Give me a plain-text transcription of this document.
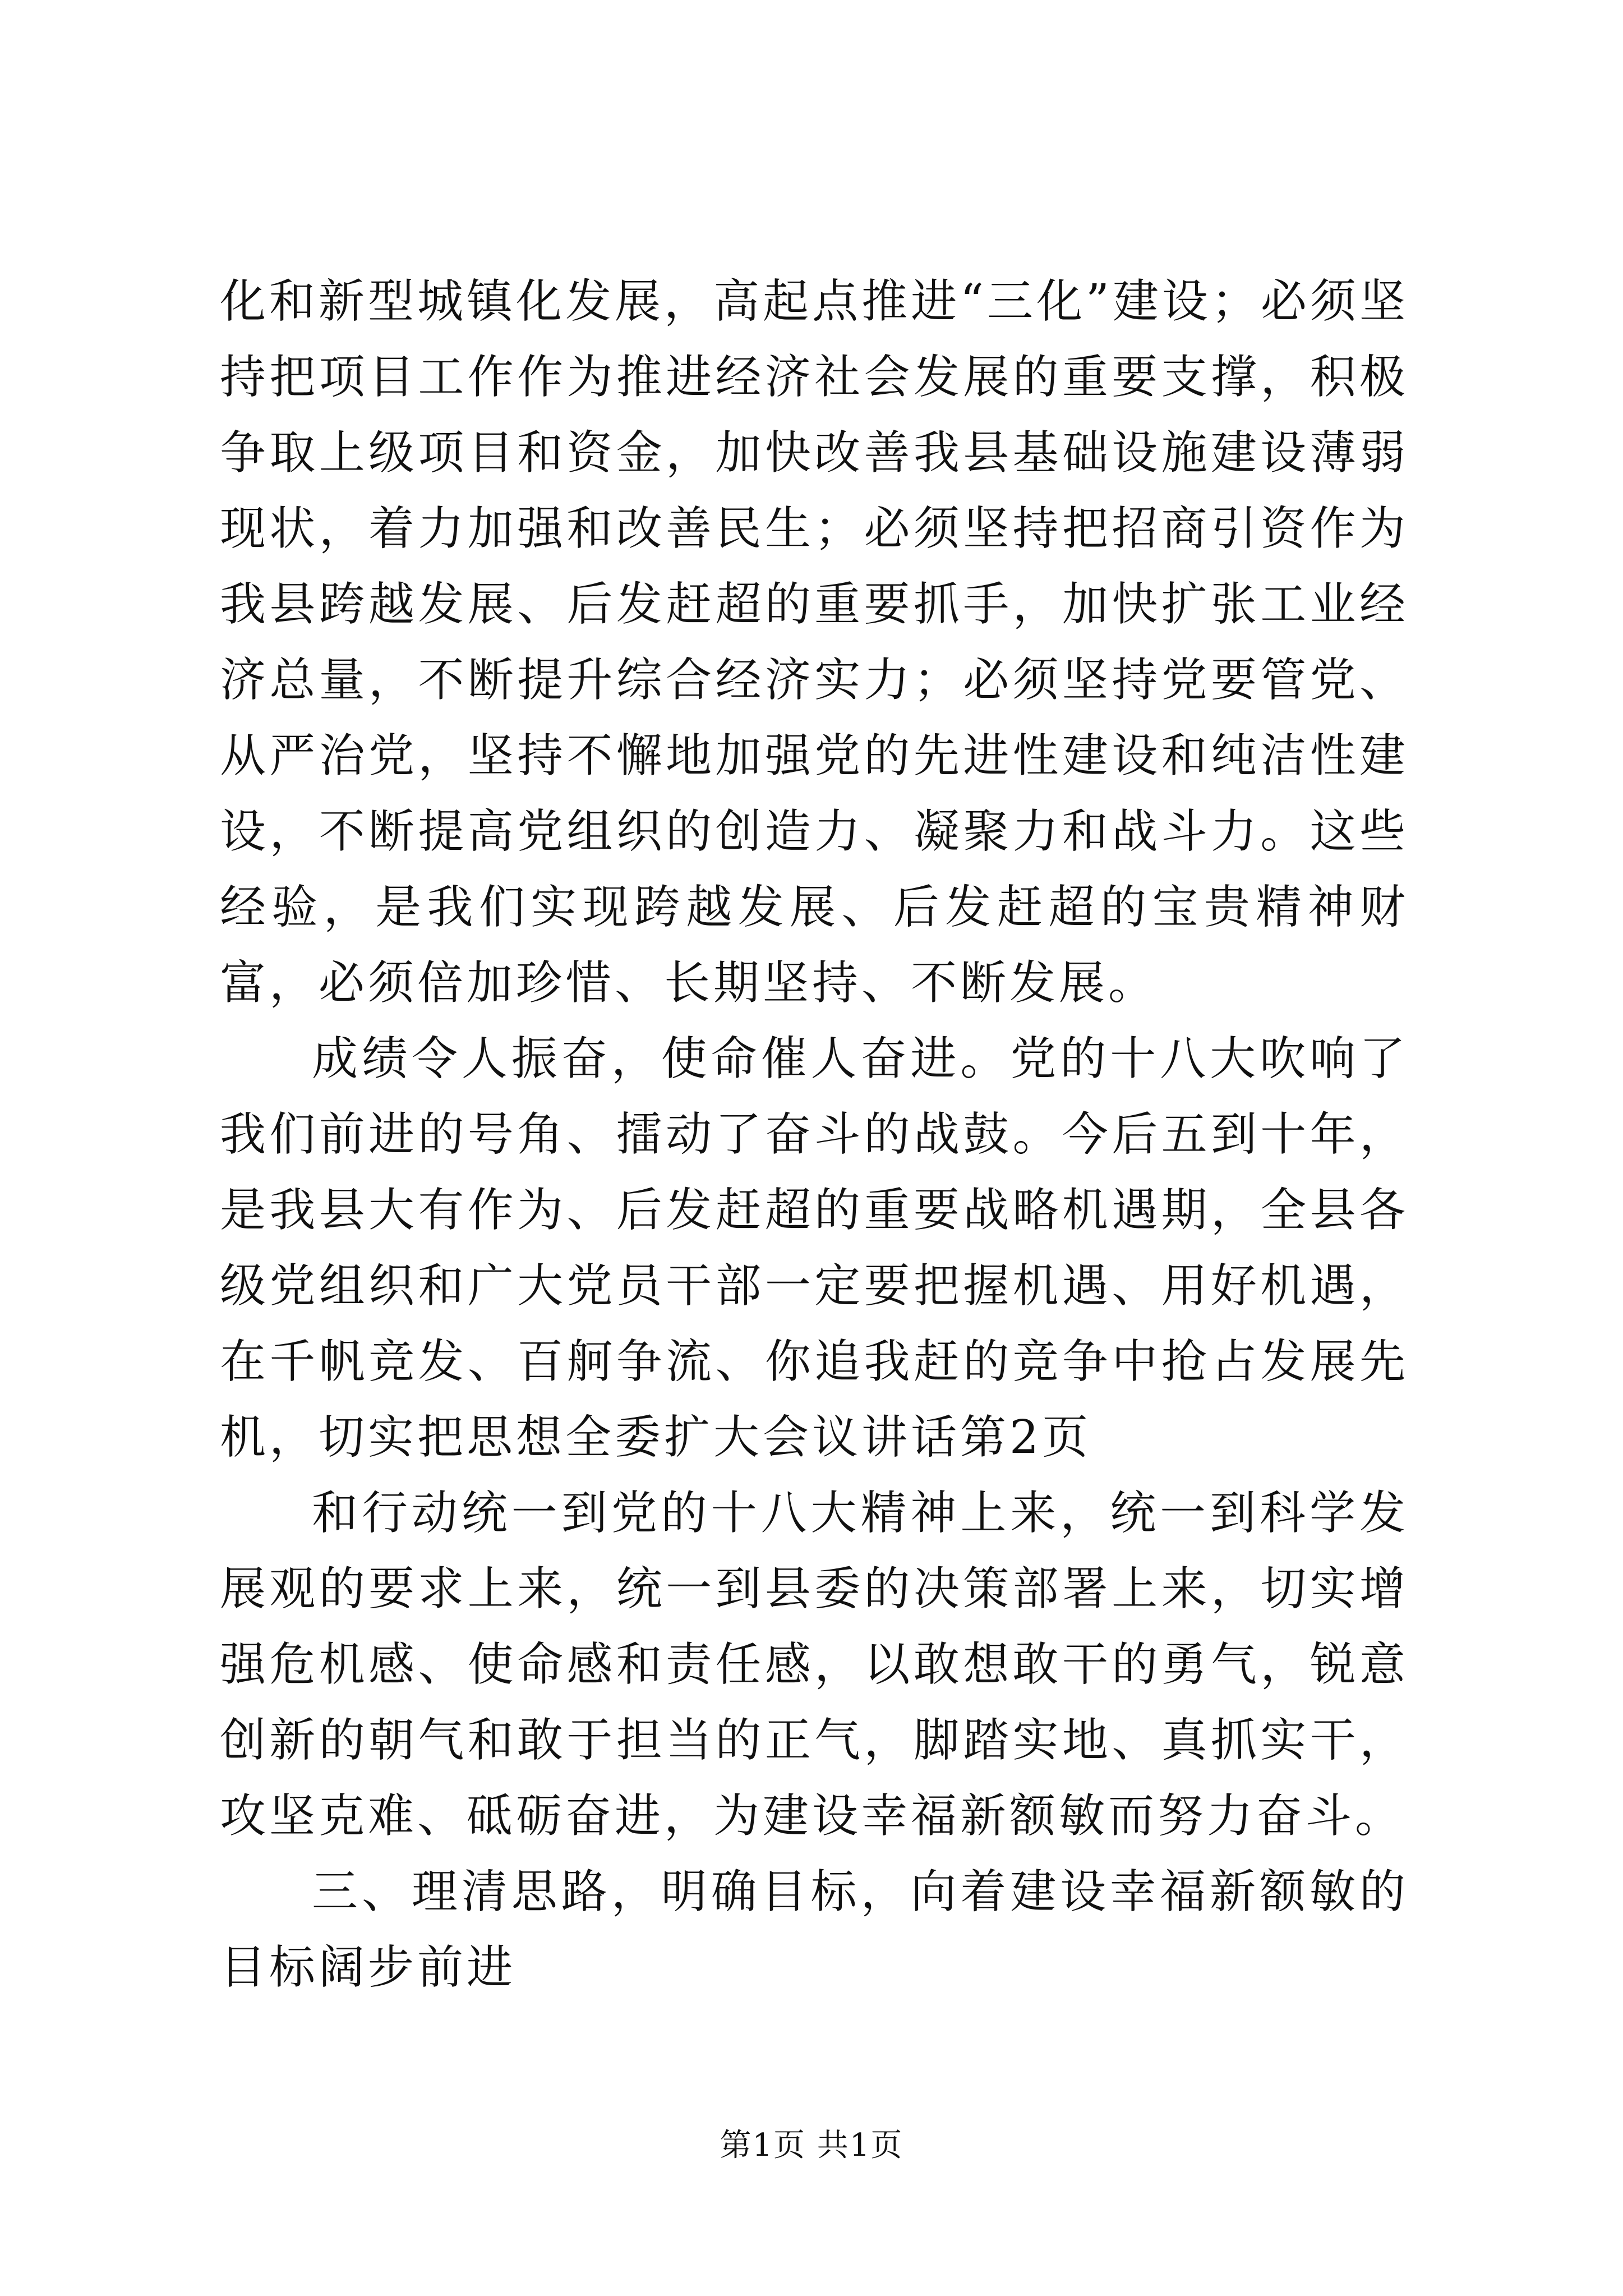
化和新型城镇化发展，高起点推进“三化”建设；必须坚持把项目工作作为推进经济社会发展的重要支撑，积极争取上级项目和资金，加快改善我县基础设施建设薄弱现状，着力加强和改善民生；必须坚持把招商引资作为我县跨越发展、后发赶超的重要抓手，加快扩张工业经济总量，不断提升综合经济实力；必须坚持党要管党、从严治党，坚持不懈地加强党的先进性建设和纯洁性建设，不断提高党组织的创造力、凝聚力和战斗力。这些经验，是我们实现跨越发展、后发赶超的宝贵精神财富，必须倍加珍惜、长期坚持、不断发展。

成绩令人振奋，使命催人奋进。党的十八大吹响了我们前进的号角、擂动了奋斗的战鼓。今后五到十年，是我县大有作为、后发赶超的重要战略机遇期，全县各级党组织和广大党员干部一定要把握机遇、用好机遇，在千帆竞发、百舸争流、你追我赶的竞争中抢占发展先机，切实把思想全委扩大会议讲话第2页

和行动统一到党的十八大精神上来，统一到科学发展观的要求上来，统一到县委的决策部署上来，切实增强危机感、使命感和责任感，以敢想敢干的勇气，锐意创新的朝气和敢于担当的正气，脚踏实地、真抓实干，攻坚克难、砥砺奋进，为建设幸福新额敏而努力奋斗。

三、理清思路，明确目标，向着建设幸福新额敏的目标阔步前进

第1页 共1页
